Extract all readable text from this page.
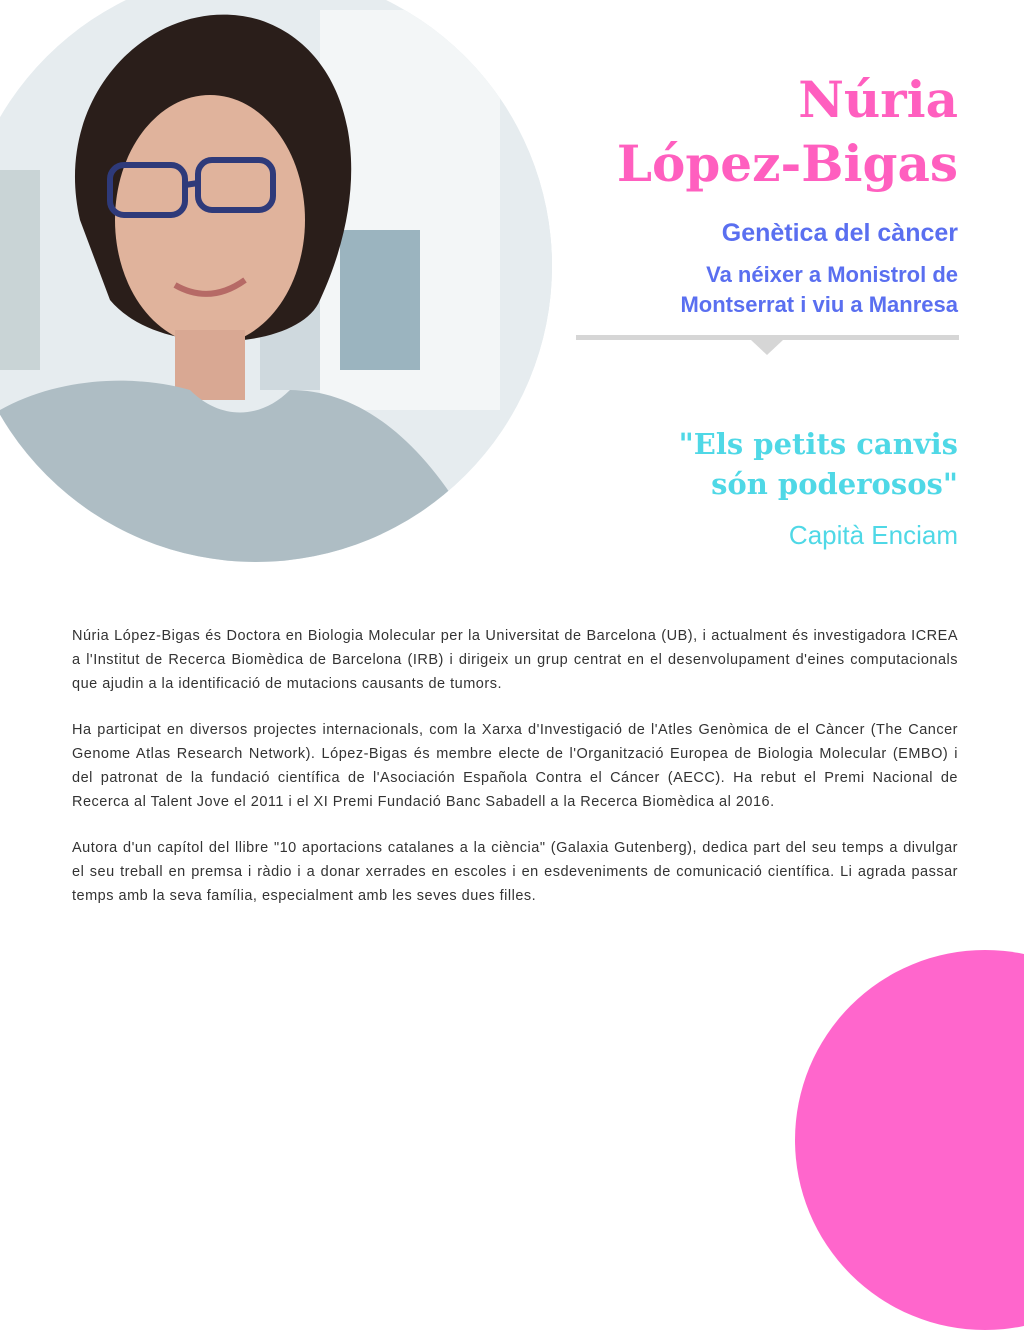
Núria
López-Bigas
Genètica del càncer
Va néixer a Monistrol de Montserrat i viu a Manresa
"Els petits canvis són poderosos"
Capità Enciam

Núria López-Bigas és Doctora en Biologia Molecular per la Universitat de Barcelona (UB), i actualment és investigadora ICREA a l'Institut de Recerca Biomèdica de Barcelona (IRB) i dirigeix un grup centrat en el desenvolupament d'eines computacionals que ajudin a la identificació de mutacions causants de tumors.

Ha participat en diversos projectes internacionals, com la Xarxa d'Investigació de l'Atles Genòmica de el Càncer (The Cancer Genome Atlas Research Network). López-Bigas és membre electe de l'Organització Europea de Biologia Molecular (EMBO) i del patronat de la fundació científica de l'Asociación Española Contra el Cáncer (AECC). Ha rebut el Premi Nacional de Recerca al Talent Jove el 2011 i el XI Premi Fundació Banc Sabadell a la Recerca Biomèdica al 2016.

Autora d'un capítol del llibre "10 aportacions catalanes a la ciència" (Galaxia Gutenberg), dedica part del seu temps a divulgar el seu treball en premsa i ràdio i a donar xerrades en escoles i en esdeveniments de comunicació científica. Li agrada passar temps amb la seva família, especialment amb les seves dues filles.
